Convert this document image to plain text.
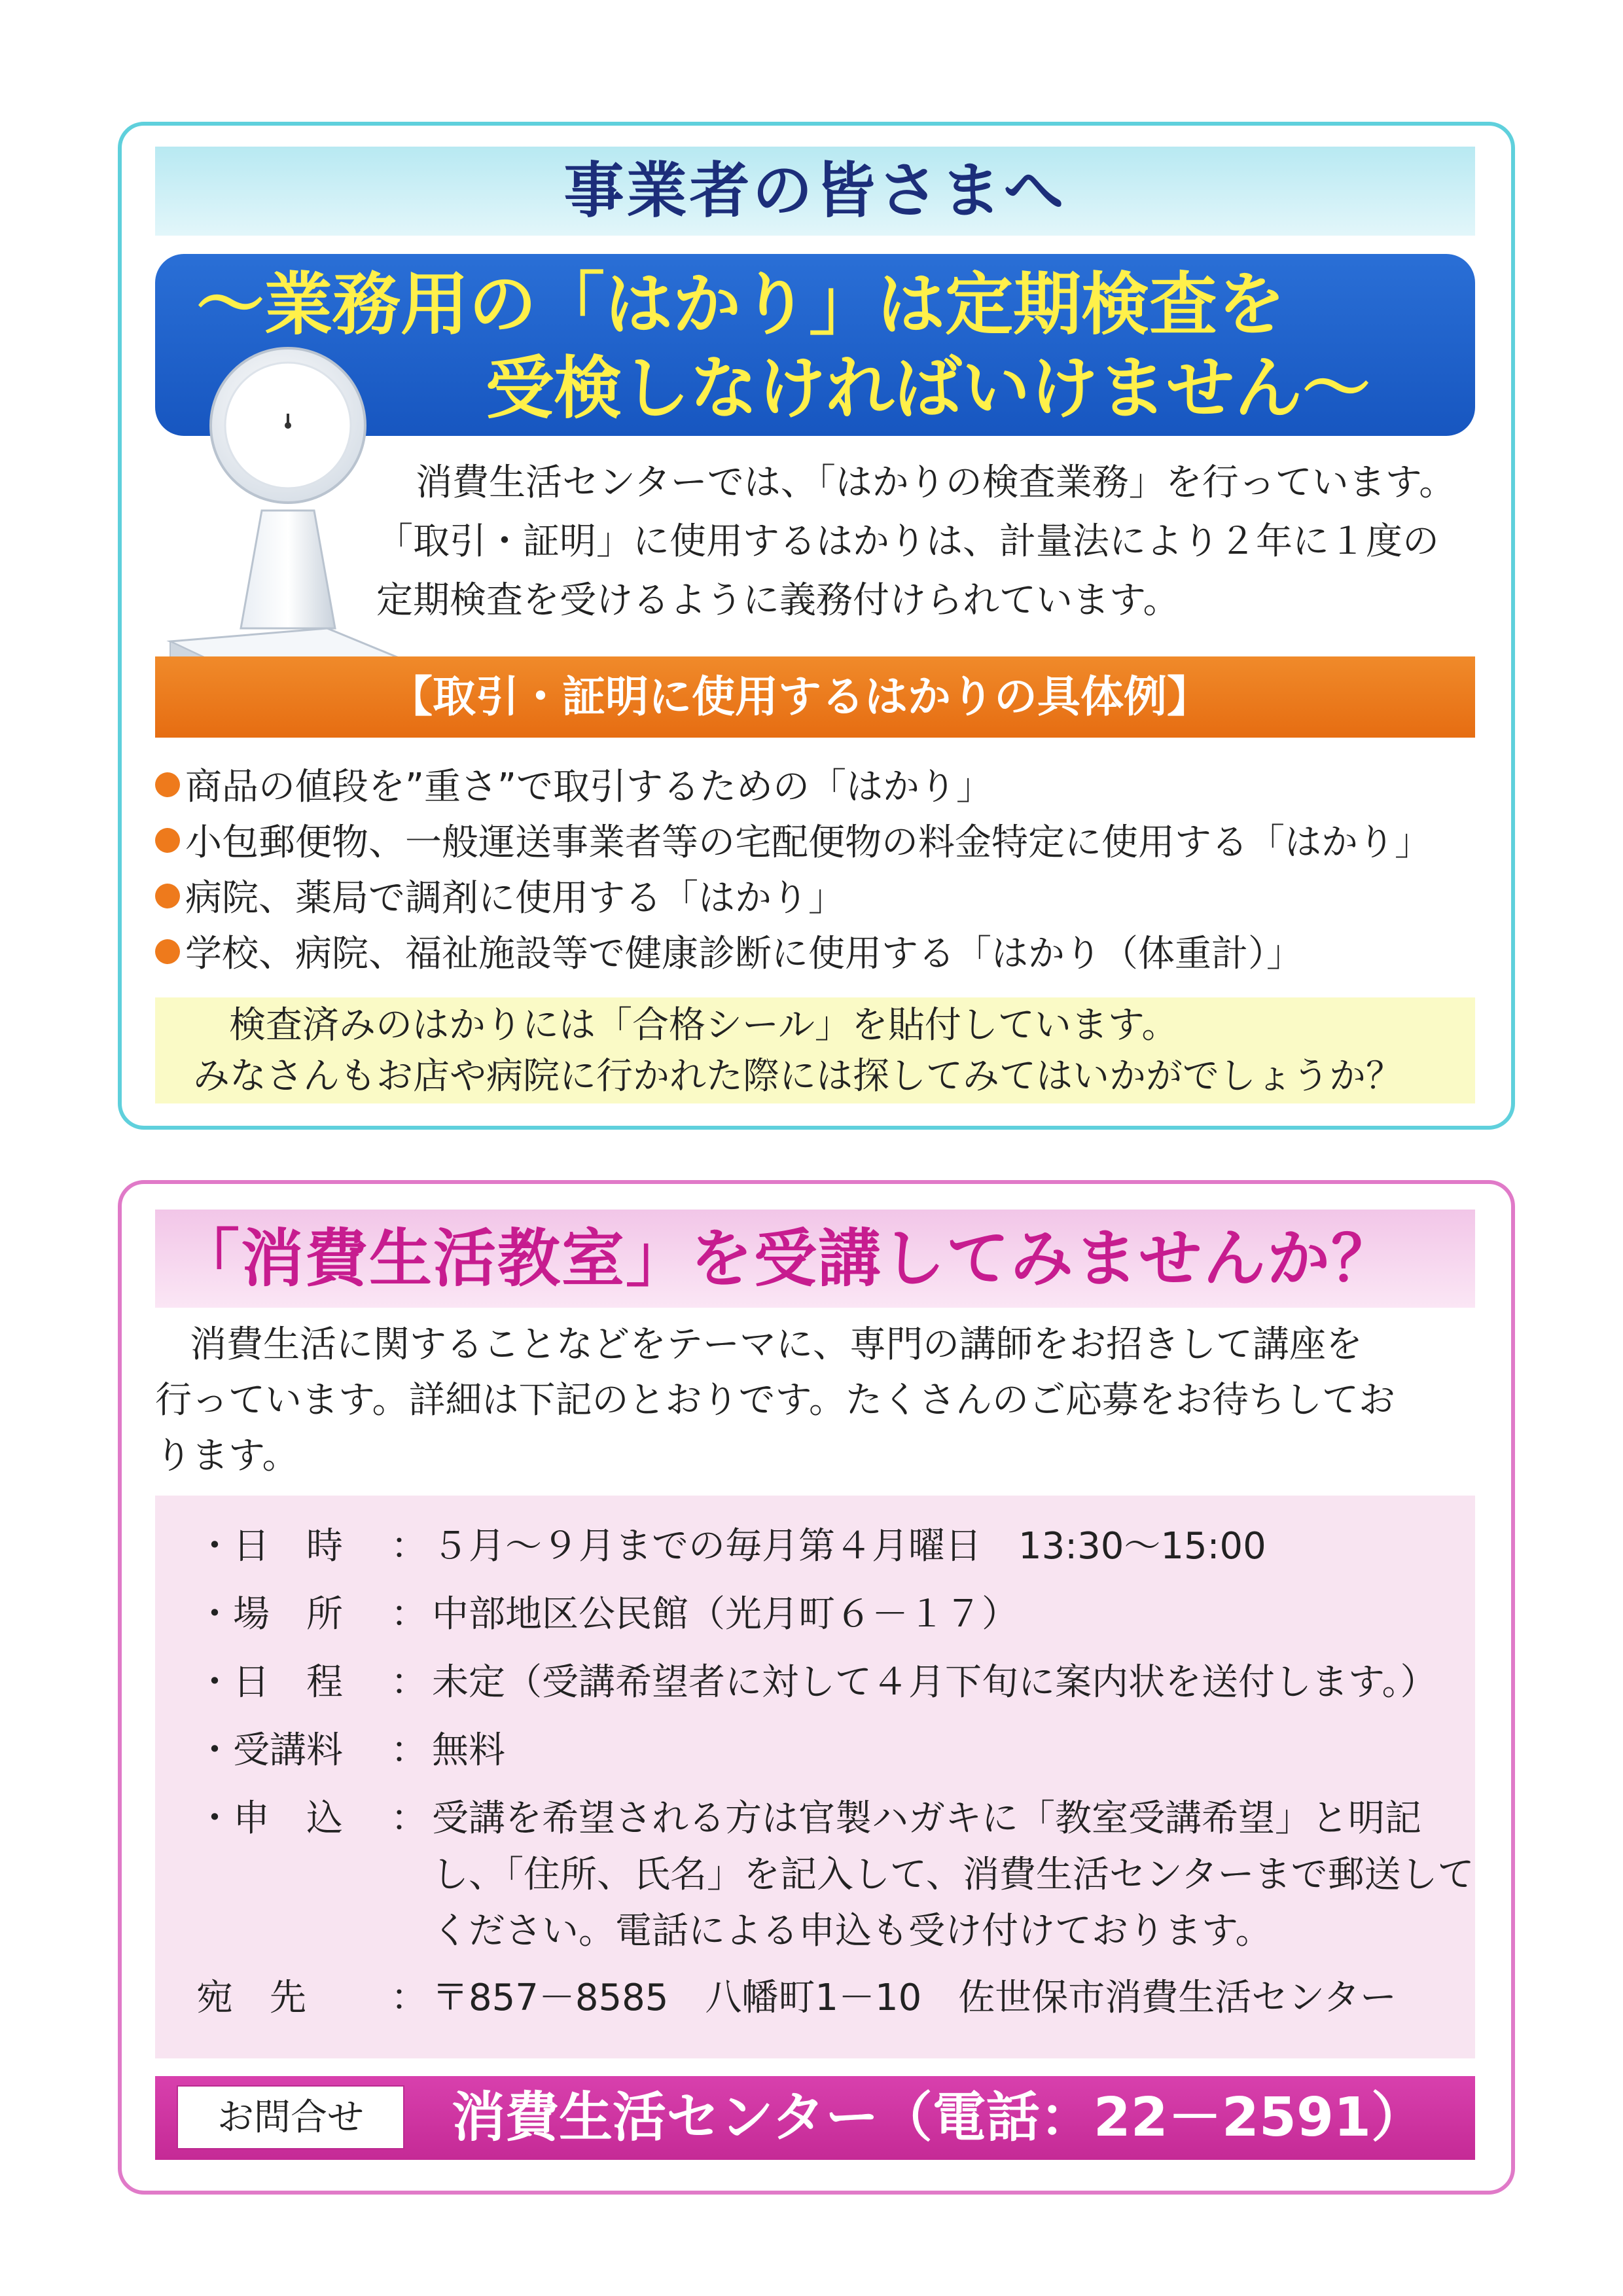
事業者の皆さまへ
～業務用の「はかり」は定期検査を
受検しなければいけません～
消費生活センターでは、「はかりの検査業務」を行っています。
「取引・証明」に使用するはかりは、計量法により２年に１度の
定期検査を受けるように義務付けられています。
【取引・証明に使用するはかりの具体例】
商品の値段を”重さ”で取引するための「はかり」
小包郵便物、一般運送事業者等の宅配便物の料金特定に使用する「はかり」
病院、薬局で調剤に使用する「はかり」
学校、病院、福祉施設等で健康診断に使用する「はかり（体重計）」
検査済みのはかりには「合格シール」を貼付しています。
みなさんもお店や病院に行かれた際には探してみてはいかがでしょうか？
「消費生活教室」を受講してみませんか？
消費生活に関することなどをテーマに、専門の講師をお招きして講座を
行っています。詳細は下記のとおりです。たくさんのご応募をお待ちしてお
ります。
・日　時 ： ５月～９月までの毎月第４月曜日　13:30～15:00
・場　所 ： 中部地区公民館（光月町６－１７）
・日　程 ： 未定（受講希望者に対して４月下旬に案内状を送付します。）
・受講料 ： 無料
・申　込 ： 受講を希望される方は官製ハガキに「教室受講希望」と明記
し、「住所、氏名」を記入して、消費生活センターまで郵送して
ください。電話による申込も受け付けております。
宛　先 ： 〒857－8585　八幡町1－10　佐世保市消費生活センター
お問合せ	消費生活センター（電話：22－2591）
